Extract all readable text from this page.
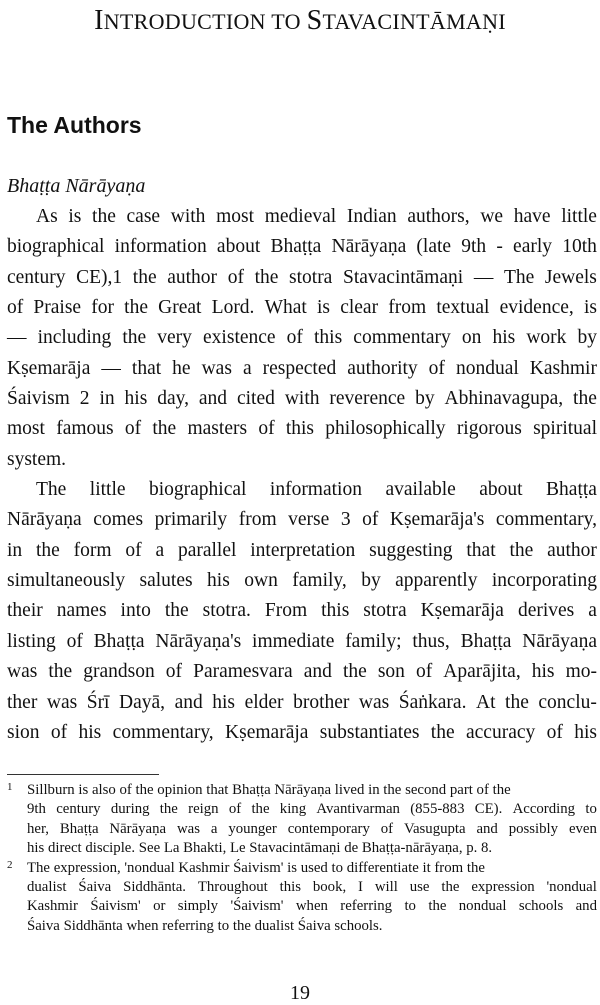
INTRODUCTION TO STAVACINTĀMAṆI
The Authors
Bhaṭṭa Nārāyaṇa
As is the case with most medieval Indian authors, we have little
biographical information about Bhaṭṭa Nārāyaṇa (late 9th - early 10th
century CE),1 the author of the stotra Stavacintāmaṇi — The Jewels
of Praise for the Great Lord. What is clear from textual evidence, is
— including the very existence of this commentary on his work by
Kṣemarāja — that he was a respected authority of nondual Kashmir
Śaivism 2 in his day, and cited with reverence by Abhinavagupa, the
most famous of the masters of this philosophically rigorous spiritual
system.
The little biographical information available about Bhaṭṭa
Nārāyaṇa comes primarily from verse 3 of Kṣemarāja's commentary,
in the form of a parallel interpretation suggesting that the author
simultaneously salutes his own family, by apparently incorporating
their names into the stotra. From this stotra Kṣemarāja derives a
listing of Bhaṭṭa Nārāyaṇa's immediate family; thus, Bhaṭṭa Nārāyaṇa
was the grandson of Paramesvara and the son of Aparājita, his mo-
ther was Śrī Dayā, and his elder brother was Śaṅkara. At the conclu-
sion of his commentary, Kṣemarāja substantiates the accuracy of his
1 Sillburn is also of the opinion that Bhaṭṭa Nārāyaṇa lived in the second part of the
9th century during the reign of the king Avantivarman (855-883 CE). According to
her, Bhaṭṭa Nārāyaṇa was a younger contemporary of Vasugupta and possibly even
his direct disciple. See La Bhakti, Le Stavacintāmaṇi de Bhaṭṭa-nārāyaṇa, p. 8.
2 The expression, 'nondual Kashmir Śaivism' is used to differentiate it from the
dualist Śaiva Siddhānta. Throughout this book, I will use the expression 'nondual
Kashmir Śaivism' or simply 'Śaivism' when referring to the nondual schools and
Śaiva Siddhānta when referring to the dualist Śaiva schools.
19
